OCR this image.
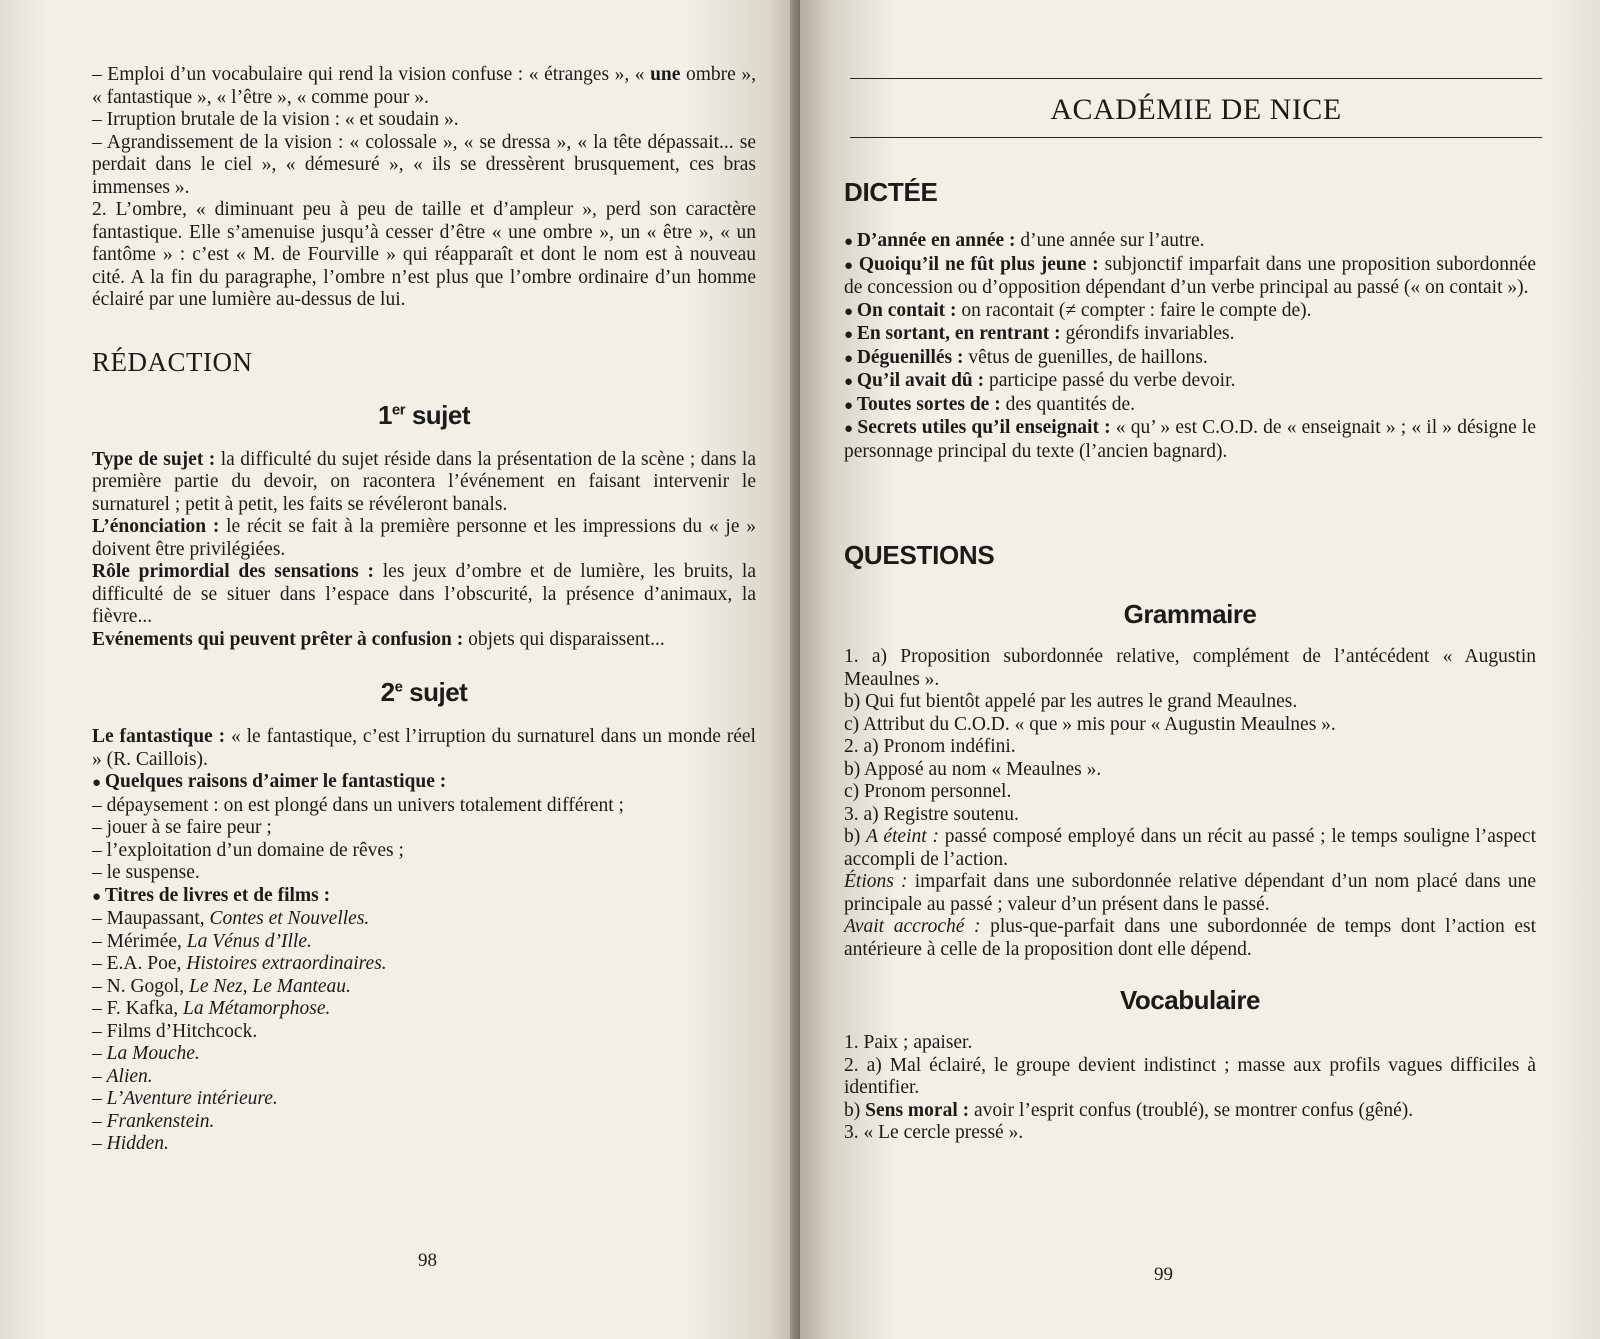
– Emploi d’un vocabulaire qui rend la vision confuse : « étranges », « une ombre », « fantastique », « l’être », « comme pour ».

– Irruption brutale de la vision : « et soudain ».

– Agrandissement de la vision : « colossale », « se dressa », « la tête dépassait... se perdait dans le ciel », « démesuré », « ils se dressèrent brusquement, ces bras immenses ».

2. L’ombre, « diminuant peu à peu de taille et d’ampleur », perd son caractère fantastique. Elle s’amenuise jusqu’à cesser d’être « une ombre », un « être », « un fantôme » : c’est « M. de Fourville » qui réapparaît et dont le nom est à nouveau cité. A la fin du paragraphe, l’ombre n’est plus que l’ombre ordinaire d’un homme éclairé par une lumière au-dessus de lui.

RÉDACTION
1er sujet

Type de sujet : la difficulté du sujet réside dans la présentation de la scène ; dans la première partie du devoir, on racontera l’événement en faisant intervenir le surnaturel ; petit à petit, les faits se révéleront banals.

L’énonciation : le récit se fait à la première personne et les impressions du « je » doivent être privilégiées.

Rôle primordial des sensations : les jeux d’ombre et de lumière, les bruits, la difficulté de se situer dans l’espace dans l’obscurité, la présence d’animaux, la fièvre...

Evénements qui peuvent prêter à confusion : objets qui disparaissent...

2e sujet

Le fantastique : « le fantastique, c’est l’irruption du surnaturel dans un monde réel » (R. Caillois).

● Quelques raisons d’aimer le fantastique :

– dépaysement : on est plongé dans un univers totalement différent ;

– jouer à se faire peur ;

– l’exploitation d’un domaine de rêves ;

– le suspense.

● Titres de livres et de films :

– Maupassant, Contes et Nouvelles.

– Mérimée, La Vénus d’Ille.

– E.A. Poe, Histoires extraordinaires.

– N. Gogol, Le Nez, Le Manteau.

– F. Kafka, La Métamorphose.

– Films d’Hitchcock.

– La Mouche.

– Alien.

– L’Aventure intérieure.

– Frankenstein.

– Hidden.

98
ACADÉMIE DE NICE
DICTÉE

● D’année en année : d’une année sur l’autre.

● Quoiqu’il ne fût plus jeune : subjonctif imparfait dans une proposition subordonnée de concession ou d’opposition dépendant d’un verbe principal au passé (« on contait »).

● On contait : on racontait (≠ compter : faire le compte de).

● En sortant, en rentrant : gérondifs invariables.

● Déguenillés : vêtus de guenilles, de haillons.

● Qu’il avait dû : participe passé du verbe devoir.

● Toutes sortes de : des quantités de.

● Secrets utiles qu’il enseignait : « qu’ » est C.O.D. de « enseignait » ; « il » désigne le personnage principal du texte (l’ancien bagnard).

QUESTIONS
Grammaire

1. a) Proposition subordonnée relative, complément de l’antécédent « Augustin Meaulnes ».

b) Qui fut bientôt appelé par les autres le grand Meaulnes.

c) Attribut du C.O.D. « que » mis pour « Augustin Meaulnes ».

2. a) Pronom indéfini.

b) Apposé au nom « Meaulnes ».

c) Pronom personnel.

3. a) Registre soutenu.

b) A éteint : passé composé employé dans un récit au passé ; le temps souligne l’aspect accompli de l’action.

Étions : imparfait dans une subordonnée relative dépendant d’un nom placé dans une principale au passé ; valeur d’un présent dans le passé.

Avait accroché : plus-que-parfait dans une subordonnée de temps dont l’action est antérieure à celle de la proposition dont elle dépend.

Vocabulaire

1. Paix ; apaiser.

2. a) Mal éclairé, le groupe devient indistinct ; masse aux profils vagues difficiles à identifier.

b) Sens moral : avoir l’esprit confus (troublé), se montrer confus (gêné).

3. « Le cercle pressé ».

99
